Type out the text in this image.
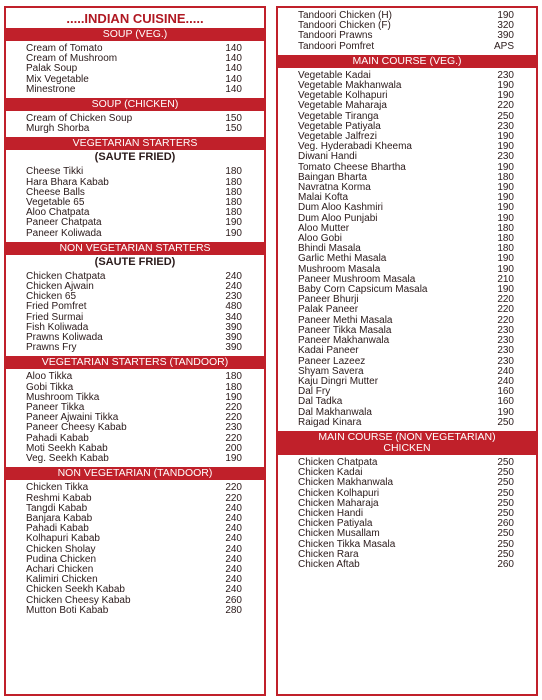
.....INDIAN CUISINE.....
SOUP (VEG.)
Cream of Tomato	140
Cream of Mushroom	140
Palak Soup	140
Mix Vegetable	140
Minestrone	140
SOUP (CHICKEN)
Cream of Chicken Soup	150
Murgh Shorba	150
VEGETARIAN STARTERS
(SAUTE FRIED)
Cheese Tikki	180
Hara Bhara Kabab	180
Cheese Balls	180
Vegetable 65	180
Aloo Chatpata	180
Paneer Chatpata	190
Paneer Koliwada	190
NON VEGETARIAN STARTERS
(SAUTE FRIED)
Chicken Chatpata	240
Chicken Ajwain	240
Chicken 65	230
Fried Pomfret	480
Fried Surmai	340
Fish Koliwada	390
Prawns Koliwada	390
Prawns Fry	390
VEGETARIAN STARTERS (TANDOOR)
Aloo Tikka	180
Gobi Tikka	180
Mushroom Tikka	190
Paneer Tikka	220
Paneer Ajwaini Tikka	220
Paneer Cheesy Kabab	230
Pahadi Kabab	220
Moti Seekh Kabab	200
Veg. Seekh Kabab	190
NON VEGETARIAN (TANDOOR)
Chicken Tikka	220
Reshmi Kabab	220
Tangdi Kabab	240
Banjara Kabab	240
Pahadi Kabab	240
Kolhapuri Kabab	240
Chicken Sholay	240
Pudina Chicken	240
Achari Chicken	240
Kalimiri Chicken	240
Chicken Seekh Kabab	240
Chicken Cheesy Kabab	260
Mutton Boti Kabab	280
Tandoori Chicken (H)	190
Tandoori Chicken (F)	320
Tandoori Prawns	390
Tandoori Pomfret	APS
MAIN COURSE (VEG.)
Vegetable Kadai	230
Vegetable Makhanwala	190
Vegetable Kolhapuri	190
Vegetable Maharaja	220
Vegetable Tiranga	250
Vegetable Patiyala	230
Vegetable Jalfrezi	190
Veg. Hyderabadi Kheema	190
Diwani Handi	230
Tomato Cheese Bhartha	190
Baingan Bharta	180
Navratna Korma	190
Malai Kofta	190
Dum Aloo Kashmiri	190
Dum Aloo Punjabi	190
Aloo Mutter	180
Aloo Gobi	180
Bhindi Masala	180
Garlic Methi Masala	190
Mushroom Masala	190
Paneer Mushroom Masala	210
Baby Corn Capsicum Masala	190
Paneer Bhurji	220
Palak Paneer	220
Paneer Methi Masala	220
Paneer Tikka Masala	230
Paneer Makhanwala	230
Kadai Paneer	230
Paneer Lazeez	230
Shyam Savera	240
Kaju Dingri Mutter	240
Dal Fry	160
Dal Tadka	160
Dal Makhanwala	190
Raigad Kinara	250
MAIN COURSE (NON VEGETARIAN)
CHICKEN
Chicken Chatpata	250
Chicken Kadai	250
Chicken Makhanwala	250
Chicken Kolhapuri	250
Chicken Maharaja	250
Chicken Handi	250
Chicken Patiyala	260
Chicken Musallam	250
Chicken Tikka Masala	250
Chicken Rara	250
Chicken Aftab	260
